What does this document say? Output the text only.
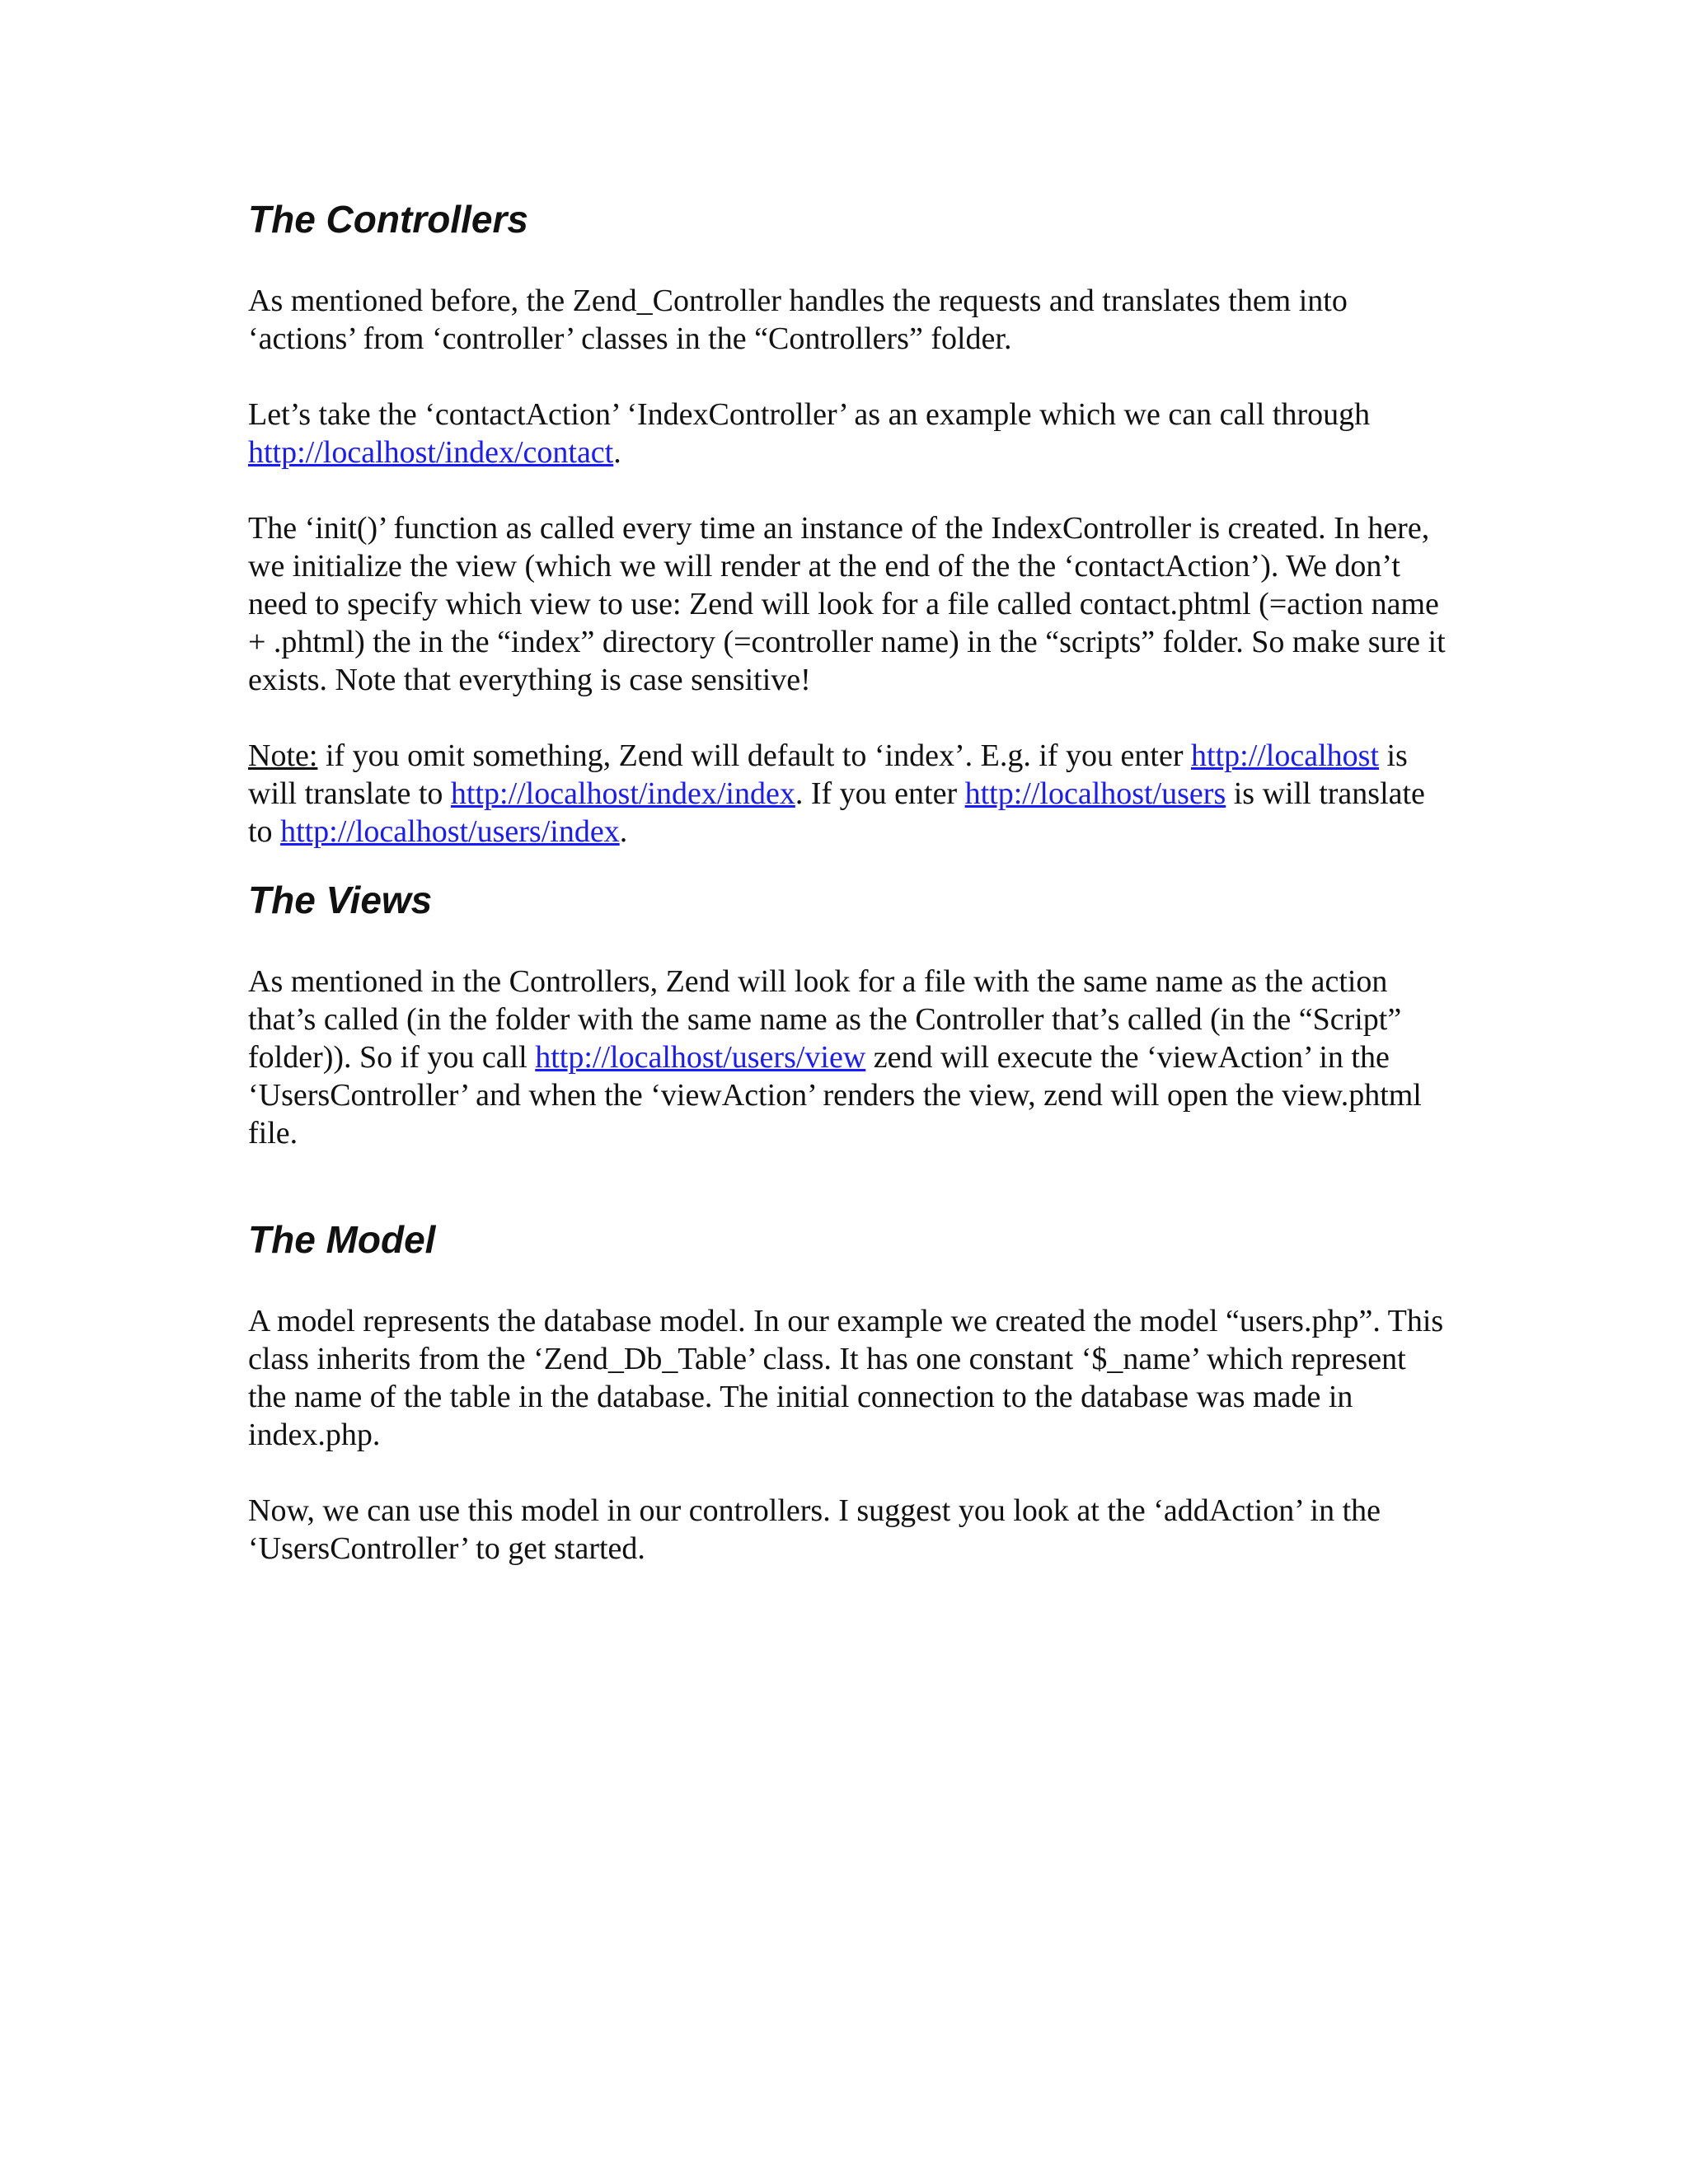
The Controllers

As mentioned before, the Zend_Controller handles the requests and translates them into ‘actions’ from ‘controller’ classes in the “Controllers” folder.

Let’s take the ‘contactAction’ ‘IndexController’ as an example which we can call through http://localhost/index/contact.

The ‘init()’ function as called every time an instance of the IndexController is created. In here, we initialize the view (which we will render at the end of the the ‘contactAction’). We don’t need to specify which view to use: Zend will look for a file called contact.phtml (=action name + .phtml) the in the “index” directory (=controller name) in the “scripts” folder. So make sure it exists. Note that everything is case sensitive!

Note: if you omit something, Zend will default to ‘index’. E.g. if you enter http://localhost is will translate to http://localhost/index/index. If you enter http://localhost/users is will translate to http://localhost/users/index.

The Views

As mentioned in the Controllers, Zend will look for a file with the same name as the action that’s called (in the folder with the same name as the Controller that’s called (in the “Script” folder)). So if you call http://localhost/users/view zend will execute the ‘viewAction’ in the ‘UsersController’ and when the ‘viewAction’ renders the view, zend will open the view.phtml file.

The Model

A model represents the database model. In our example we created the model “users.php”. This class inherits from the ‘Zend_Db_Table’ class. It has one constant ‘$_name’ which represent the name of the table in the database. The initial connection to the database was made in index.php.

Now, we can use this model in our controllers. I suggest you look at the ‘addAction’ in the ‘UsersController’ to get started.
